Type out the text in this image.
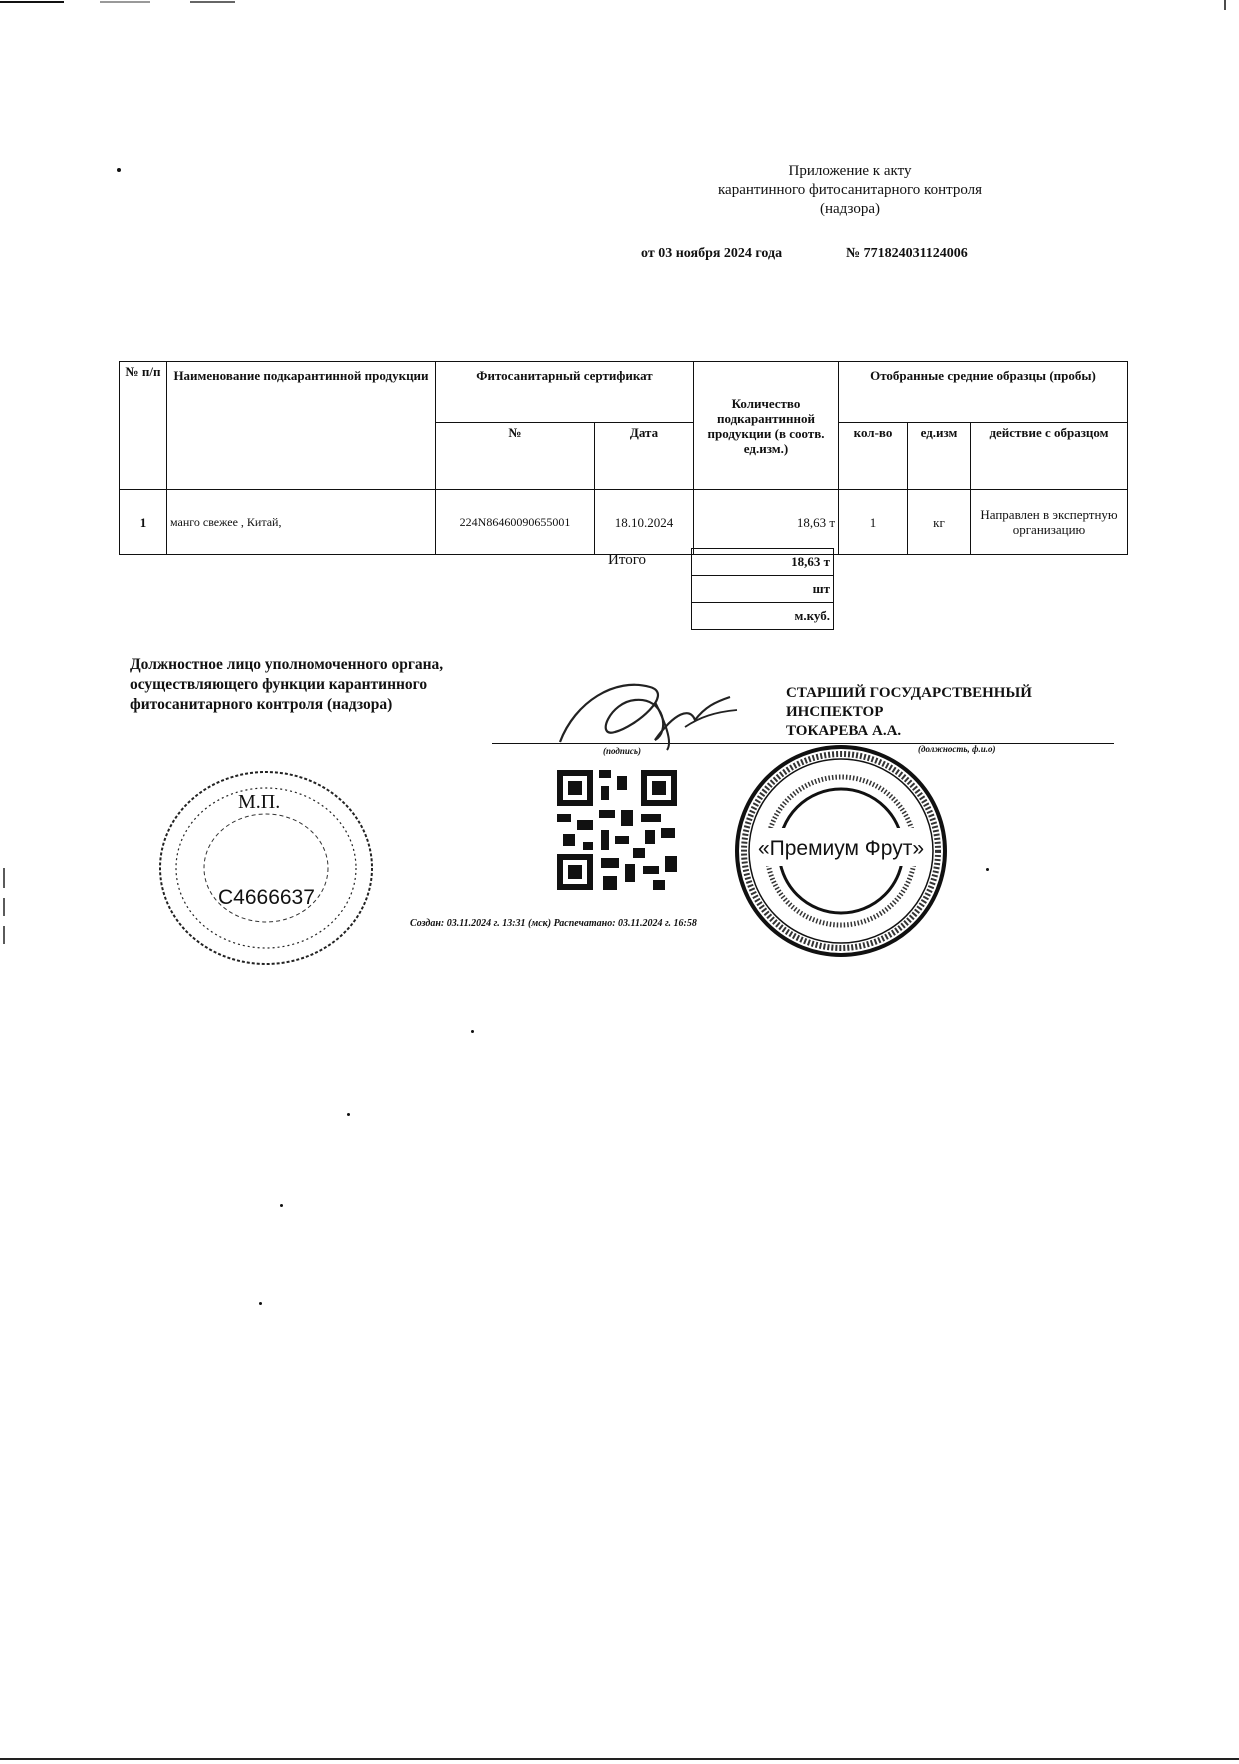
Приложение к акту
карантинного фитосанитарного контроля
(надзора)
от 03 ноября 2024 года	№ 771824031124006
№ п/п	Наименование подкарантинной продукции	Фитосанитарный сертификат		Количество подкарантинной продукции (в соотв. ед.изм.)	Отобранные средние образцы (пробы)		
		№	Дата		кол-во	ед.изм	действие с образцом
1	манго свежее , Китай,	224N86460090655001	18.10.2024	18,63 т	1	кг	Направлен в экспертную организацию
Итого	18,63 т
шт
м.куб.
Должностное лицо уполномоченного органа,
осуществляющего функции карантинного
фитосанитарного контроля (надзора)
СТАРШИЙ ГОСУДАРСТВЕННЫЙ
ИНСПЕКТОР
ТОКАРЕВА А.А.
(подпись)	(должность, ф.и.о)
М.П.
С4666637
«Премиум Фрут»
Создан: 03.11.2024 г. 13:31 (мск) Распечатано: 03.11.2024 г. 16:58
